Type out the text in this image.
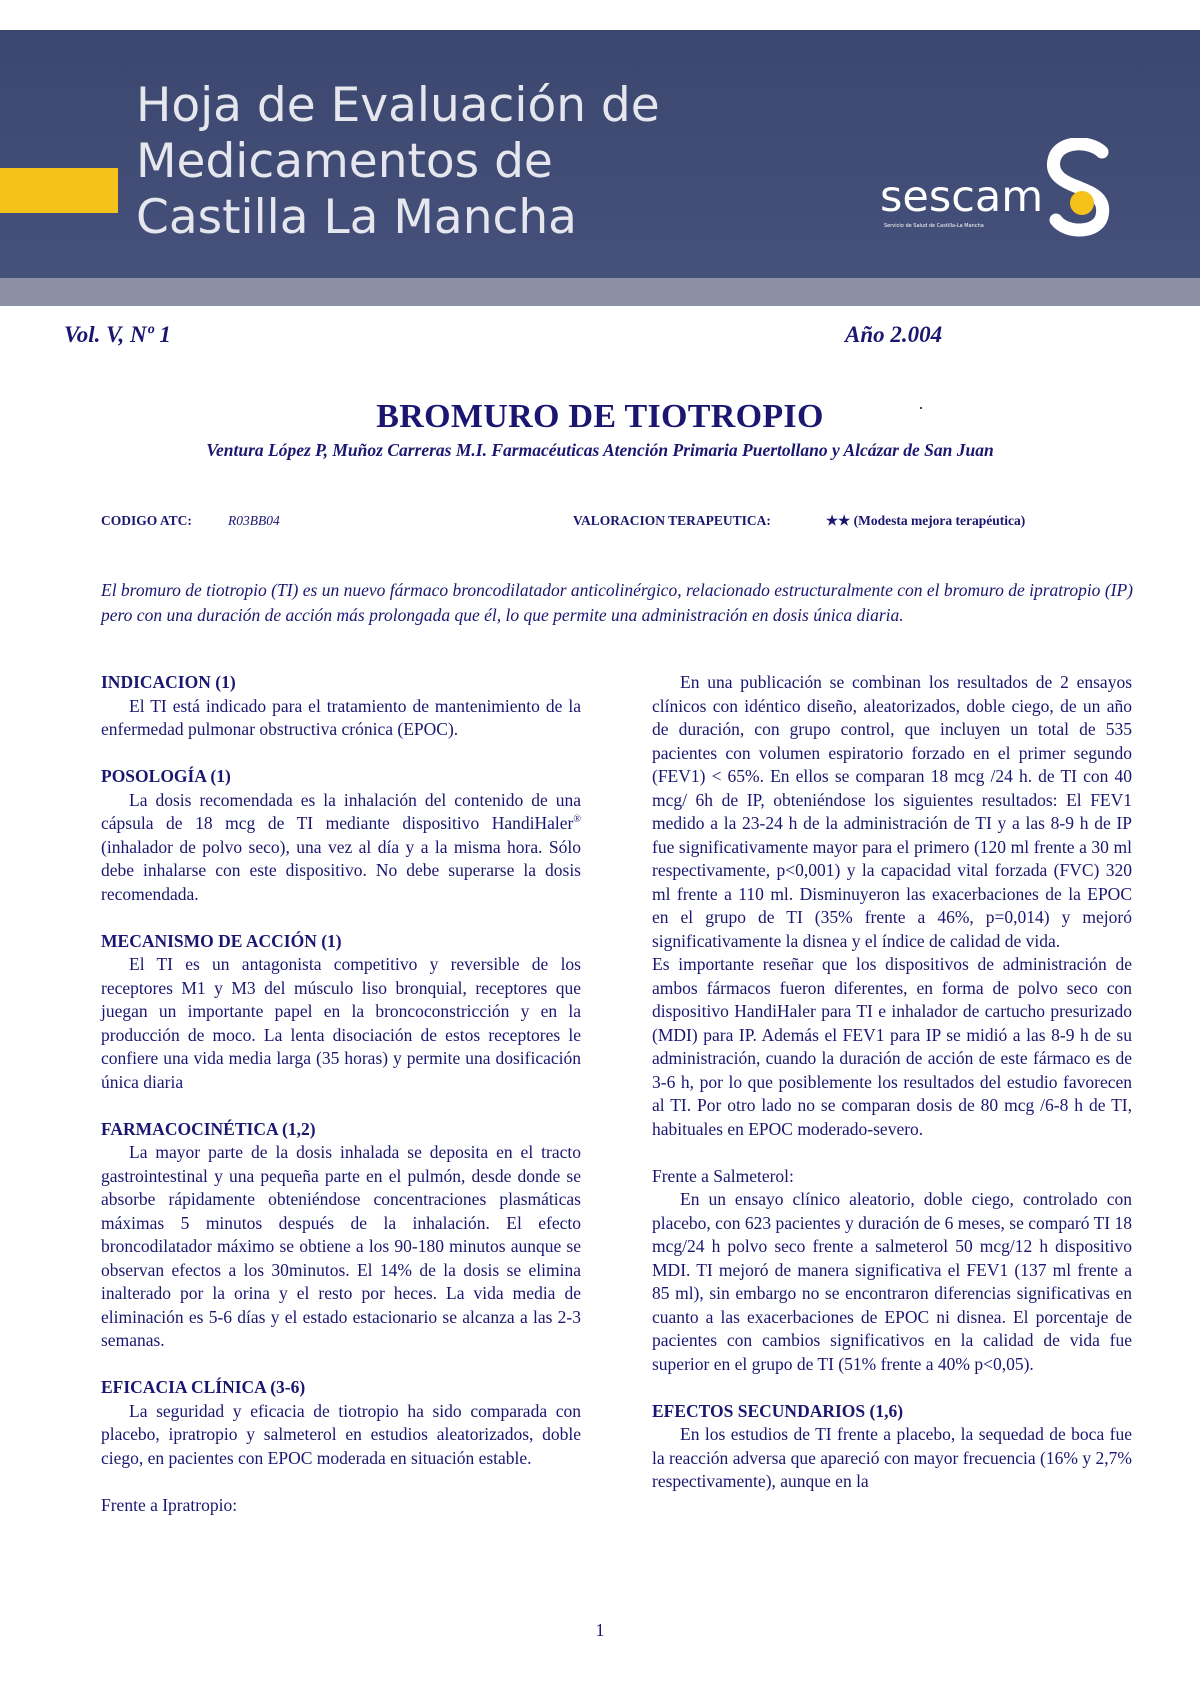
Hoja de Evaluación de
Medicamentos de
Castilla La Mancha	sescam
Servicio de Salud de Castilla-La Mancha
Vol. V, Nº 1	Año 2.004
BROMURO DE TIOTROPIO	·
Ventura López P, Muñoz Carreras M.I. Farmacéuticas Atención Primaria Puertollano y Alcázar de San Juan
CODIGO ATC:	R03BB04	VALORACION TERAPEUTICA:	★★ (Modesta mejora terapéutica)

El bromuro de tiotropio (TI) es un nuevo fármaco broncodilatador anticolinérgico, relacionado estructuralmente con el bromuro de ipratropio (IP) pero con una duración de acción más prolongada que él, lo que permite una administración en dosis única diaria.

INDICACION (1)

El TI está indicado para el tratamiento de mantenimiento de la enfermedad pulmonar obstructiva crónica (EPOC).

POSOLOGÍA (1)

La dosis recomendada es la inhalación del contenido de una cápsula de 18 mcg de TI mediante dispositivo HandiHaler® (inhalador de polvo seco), una vez al día y a la misma hora. Sólo debe inhalarse con este dispositivo. No debe superarse la dosis recomendada.

MECANISMO DE ACCIÓN (1)

El TI es un antagonista competitivo y reversible de los receptores M1 y M3 del músculo liso bronquial, receptores que juegan un importante papel en la broncoconstricción y en la producción de moco. La lenta disociación de estos receptores le confiere una vida media larga (35 horas) y permite una dosificación única diaria

FARMACOCINÉTICA (1,2)

La mayor parte de la dosis inhalada se deposita en el tracto gastrointestinal y una pequeña parte en el pulmón, desde donde se absorbe rápidamente obteniéndose concentraciones plasmáticas máximas 5 minutos después de la inhalación. El efecto broncodilatador máximo se obtiene a los 90-180 minutos aunque se observan efectos a los 30minutos. El 14% de la dosis se elimina inalterado por la orina y el resto por heces. La vida media de eliminación es 5-6 días y el estado estacionario se alcanza a las 2-3 semanas.

EFICACIA CLÍNICA (3-6)

La seguridad y eficacia de tiotropio ha sido comparada con placebo, ipratropio y salmeterol en estudios aleatorizados, doble ciego, en pacientes con EPOC moderada en situación estable.

Frente a Ipratropio:

En una publicación se combinan los resultados de 2 ensayos clínicos con idéntico diseño, aleatorizados, doble ciego, de un año de duración, con grupo control, que incluyen un total de 535 pacientes con volumen espiratorio forzado en el primer segundo (FEV1) < 65%. En ellos se comparan 18 mcg /24 h. de TI con 40 mcg/ 6h de IP, obteniéndose los siguientes resultados: El FEV1 medido a la 23-24 h de la administración de TI y a las 8-9 h de IP fue significativamente mayor para el primero (120 ml frente a 30 ml respectivamente, p<0,001) y la capacidad vital forzada (FVC) 320 ml frente a 110 ml. Disminuyeron las exacerbaciones de la EPOC en el grupo de TI (35% frente a 46%, p=0,014) y mejoró significativamente la disnea y el índice de calidad de vida.

Es importante reseñar que los dispositivos de administración de ambos fármacos fueron diferentes, en forma de polvo seco con dispositivo HandiHaler para TI e inhalador de cartucho presurizado (MDI) para IP. Además el FEV1 para IP se midió a las 8-9 h de su administración, cuando la duración de acción de este fármaco es de 3-6 h, por lo que posiblemente los resultados del estudio favorecen al TI. Por otro lado no se comparan dosis de 80 mcg /6-8 h de TI, habituales en EPOC moderado-severo.

Frente a Salmeterol:

En un ensayo clínico aleatorio, doble ciego, controlado con placebo, con 623 pacientes y duración de 6 meses, se comparó TI 18 mcg/24 h polvo seco frente a salmeterol 50 mcg/12 h dispositivo MDI. TI mejoró de manera significativa el FEV1 (137 ml frente a 85 ml), sin embargo no se encontraron diferencias significativas en cuanto a las exacerbaciones de EPOC ni disnea. El porcentaje de pacientes con cambios significativos en la calidad de vida fue superior en el grupo de TI (51% frente a 40% p<0,05).

EFECTOS SECUNDARIOS (1,6)

En los estudios de TI frente a placebo, la sequedad de boca fue la reacción adversa que apareció con mayor frecuencia (16% y 2,7% respectivamente), aunque en la

1
